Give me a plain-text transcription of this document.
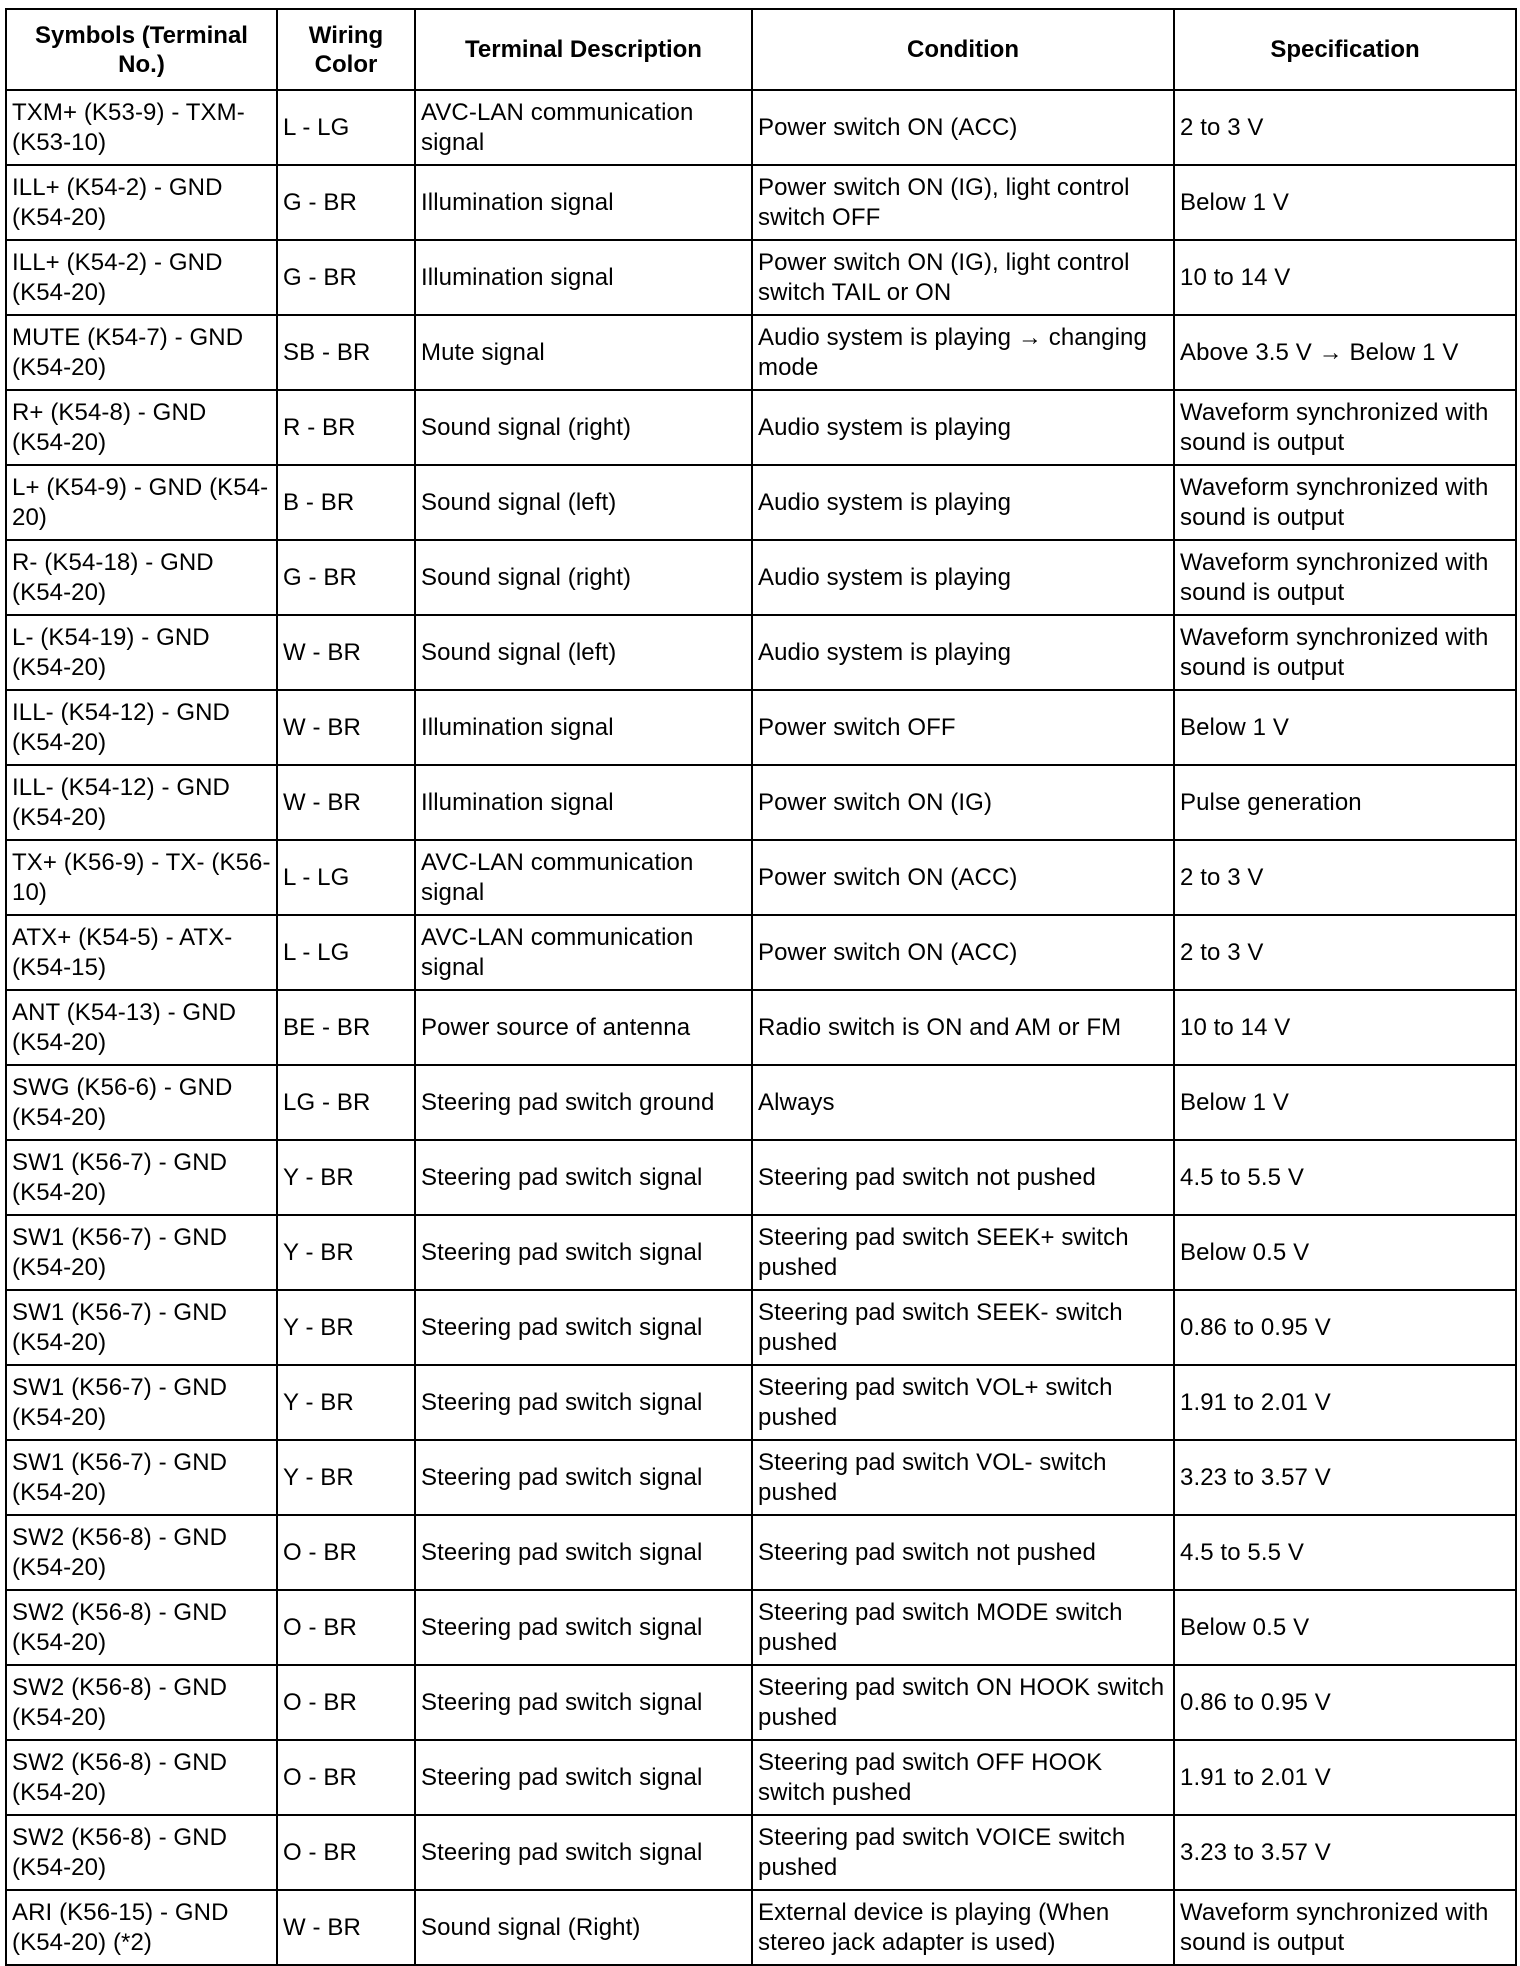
Symbols (Terminal No.)	Wiring Color	Terminal Description	Condition	Specification
TXM+ (K53-9) - TXM- (K53-10)	L - LG	AVC-LAN communication signal	Power switch ON (ACC)	2 to 3 V
ILL+ (K54-2) - GND (K54-20)	G - BR	Illumination signal	Power switch ON (IG), light control switch OFF	Below 1 V
ILL+ (K54-2) - GND (K54-20)	G - BR	Illumination signal	Power switch ON (IG), light control switch TAIL or ON	10 to 14 V
MUTE (K54-7) - GND (K54-20)	SB - BR	Mute signal	Audio system is playing → changing mode	Above 3.5 V → Below 1 V
R+ (K54-8) - GND (K54-20)	R - BR	Sound signal (right)	Audio system is playing	Waveform synchronized with sound is output
L+ (K54-9) - GND (K54-20)	B - BR	Sound signal (left)	Audio system is playing	Waveform synchronized with sound is output
R- (K54-18) - GND (K54-20)	G - BR	Sound signal (right)	Audio system is playing	Waveform synchronized with sound is output
L- (K54-19) - GND (K54-20)	W - BR	Sound signal (left)	Audio system is playing	Waveform synchronized with sound is output
ILL- (K54-12) - GND (K54-20)	W - BR	Illumination signal	Power switch OFF	Below 1 V
ILL- (K54-12) - GND (K54-20)	W - BR	Illumination signal	Power switch ON (IG)	Pulse generation
TX+ (K56-9) - TX- (K56-10)	L - LG	AVC-LAN communication signal	Power switch ON (ACC)	2 to 3 V
ATX+ (K54-5) - ATX- (K54-15)	L - LG	AVC-LAN communication signal	Power switch ON (ACC)	2 to 3 V
ANT (K54-13) - GND (K54-20)	BE - BR	Power source of antenna	Radio switch is ON and AM or FM	10 to 14 V
SWG (K56-6) - GND (K54-20)	LG - BR	Steering pad switch ground	Always	Below 1 V
SW1 (K56-7) - GND (K54-20)	Y - BR	Steering pad switch signal	Steering pad switch not pushed	4.5 to 5.5 V
SW1 (K56-7) - GND (K54-20)	Y - BR	Steering pad switch signal	Steering pad switch SEEK+ switch pushed	Below 0.5 V
SW1 (K56-7) - GND (K54-20)	Y - BR	Steering pad switch signal	Steering pad switch SEEK- switch pushed	0.86 to 0.95 V
SW1 (K56-7) - GND (K54-20)	Y - BR	Steering pad switch signal	Steering pad switch VOL+ switch pushed	1.91 to 2.01 V
SW1 (K56-7) - GND (K54-20)	Y - BR	Steering pad switch signal	Steering pad switch VOL- switch pushed	3.23 to 3.57 V
SW2 (K56-8) - GND (K54-20)	O - BR	Steering pad switch signal	Steering pad switch not pushed	4.5 to 5.5 V
SW2 (K56-8) - GND (K54-20)	O - BR	Steering pad switch signal	Steering pad switch MODE switch pushed	Below 0.5 V
SW2 (K56-8) - GND (K54-20)	O - BR	Steering pad switch signal	Steering pad switch ON HOOK switch pushed	0.86 to 0.95 V
SW2 (K56-8) - GND (K54-20)	O - BR	Steering pad switch signal	Steering pad switch OFF HOOK switch pushed	1.91 to 2.01 V
SW2 (K56-8) - GND (K54-20)	O - BR	Steering pad switch signal	Steering pad switch VOICE switch pushed	3.23 to 3.57 V
ARI (K56-15) - GND (K54-20) (*2)	W - BR	Sound signal (Right)	External device is playing (When stereo jack adapter is used)	Waveform synchronized with sound is output
